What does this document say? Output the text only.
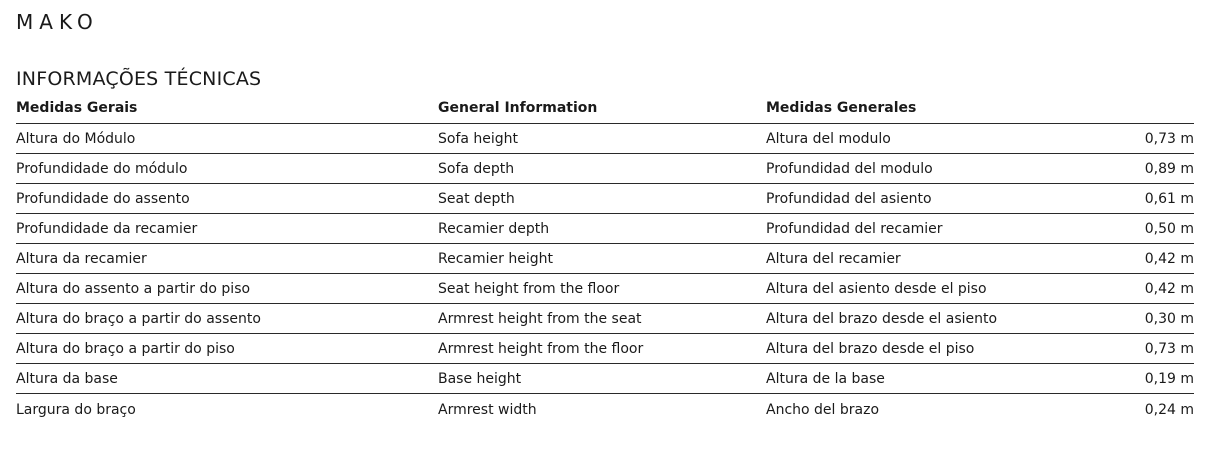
MAKO
INFORMAÇÕES TÉCNICAS
Medidas Gerais	General Information	Medidas Generales
Altura do Módulo	Sofa height	Altura del modulo	0,73 m
Profundidade do módulo	Sofa depth	Profundidad del modulo	0,89 m
Profundidade do assento	Seat depth	Profundidad del asiento	0,61 m
Profundidade da recamier	Recamier depth	Profundidad del recamier	0,50 m
Altura da recamier	Recamier height	Altura del recamier	0,42 m
Altura do assento a partir do piso	Seat height from the floor	Altura del asiento desde el piso	0,42 m
Altura do braço a partir do assento	Armrest height from the seat	Altura del brazo desde el asiento	0,30 m
Altura do braço a partir do piso	Armrest height from the floor	Altura del brazo desde el piso	0,73 m
Altura da base	Base height	Altura de la base	0,19 m
Largura do braço	Armrest width	Ancho del brazo	0,24 m
